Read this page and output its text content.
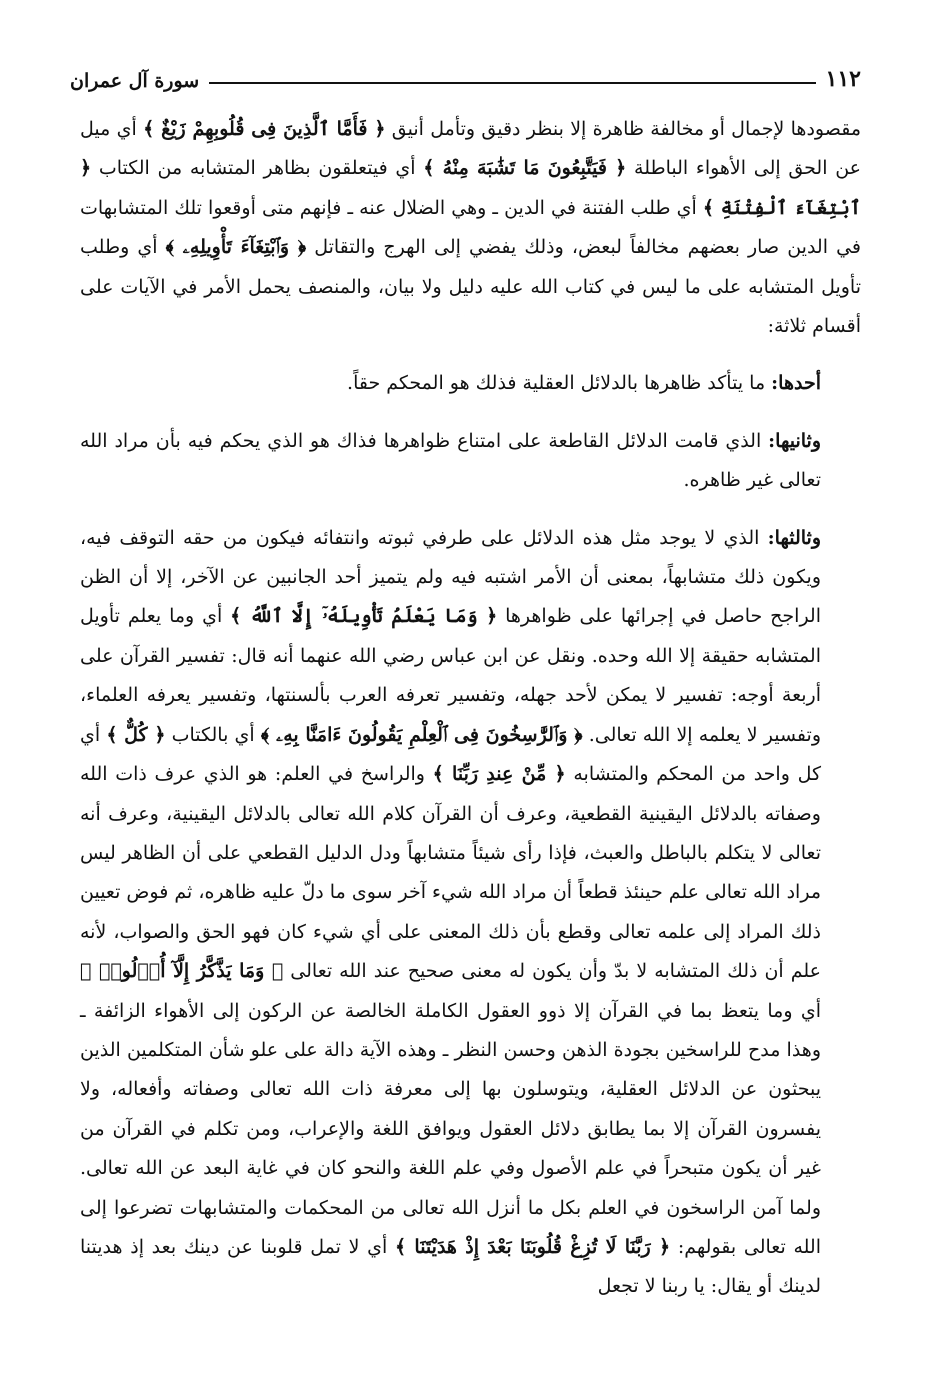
١١٢
سورة آل عمران

مقصودها لإجمال أو مخالفة ظاهرة إلا بنظر دقيق وتأمل أنيق ﴿ فَأَمَّا ٱلَّذِينَ فِى قُلُوبِهِمْ زَيْغٌ ﴾ أي ميل عن الحق إلى الأهواء الباطلة ﴿ فَيَتَّبِعُونَ مَا تَشَٰبَهَ مِنْهُ ﴾ أي فيتعلقون بظاهر المتشابه من الكتاب ﴿ ٱبْتِغَآءَ ٱلْفِتْنَةِ ﴾ أي طلب الفتنة في الدين ـ وهي الضلال عنه ـ فإنهم متى أوقعوا تلك المتشابهات في الدين صار بعضهم مخالفاً لبعض، وذلك يفضي إلى الهرج والتقاتل ﴿ وَٱبْتِغَآءَ تَأْوِيلِهِۦ ﴾ أي وطلب تأويل المتشابه على ما ليس في كتاب الله عليه دليل ولا بيان، والمنصف يحمل الأمر في الآيات على أقسام ثلاثة:

أحدها: ما يتأكد ظاهرها بالدلائل العقلية فذلك هو المحكم حقاً.

وثانيها: الذي قامت الدلائل القاطعة على امتناع ظواهرها فذاك هو الذي يحكم فيه بأن مراد الله تعالى غير ظاهره.

وثالثها: الذي لا يوجد مثل هذه الدلائل على طرفي ثبوته وانتفائه فيكون من حقه التوقف فيه، ويكون ذلك متشابهاً، بمعنى أن الأمر اشتبه فيه ولم يتميز أحد الجانبين عن الآخر، إلا أن الظن الراجح حاصل في إجرائها على ظواهرها ﴿ وَمَا يَعْلَمُ تَأْوِيلَهُۥٓ إِلَّا ٱللَّهُ ﴾ أي وما يعلم تأويل المتشابه حقيقة إلا الله وحده. ونقل عن ابن عباس رضي الله عنهما أنه قال: تفسير القرآن على أربعة أوجه: تفسير لا يمكن لأحد جهله، وتفسير تعرفه العرب بألسنتها، وتفسير يعرفه العلماء، وتفسير لا يعلمه إلا الله تعالى. ﴿ وَٱلرَّٰسِخُونَ فِى ٱلْعِلْمِ يَقُولُونَ ءَامَنَّا بِهِۦ ﴾ أي بالكتاب ﴿ كُلٌّ ﴾ أي كل واحد من المحكم والمتشابه ﴿ مِّنْ عِندِ رَبِّنَا ﴾ والراسخ في العلم: هو الذي عرف ذات الله وصفاته بالدلائل اليقينية القطعية، وعرف أن القرآن كلام الله تعالى بالدلائل اليقينية، وعرف أنه تعالى لا يتكلم بالباطل والعبث، فإذا رأى شيئاً متشابهاً ودل الدليل القطعي على أن الظاهر ليس مراد الله تعالى علم حينئذ قطعاً أن مراد الله شيء آخر سوى ما دلّ عليه ظاهره، ثم فوض تعيين ذلك المراد إلى علمه تعالى وقطع بأن ذلك المعنى على أي شيء كان فهو الحق والصواب، لأنه علم أن ذلك المتشابه لا بدّ وأن يكون له معنى صحيح عند الله تعالى ﴿ وَمَا يَذَّكَّرُ إِلَّآ أُو۟لُوا۟ ﴾ أي وما يتعظ بما في القرآن إلا ذوو العقول الكاملة الخالصة عن الركون إلى الأهواء الزائفة ـ وهذا مدح للراسخين بجودة الذهن وحسن النظر ـ وهذه الآية دالة على علو شأن المتكلمين الذين يبحثون عن الدلائل العقلية، ويتوسلون بها إلى معرفة ذات الله تعالى وصفاته وأفعاله، ولا يفسرون القرآن إلا بما يطابق دلائل العقول ويوافق اللغة والإعراب، ومن تكلم في القرآن من غير أن يكون متبحراً في علم الأصول وفي علم اللغة والنحو كان في غاية البعد عن الله تعالى. ولما آمن الراسخون في العلم بكل ما أنزل الله تعالى من المحكمات والمتشابهات تضرعوا إلى الله تعالى بقولهم: ﴿ رَبَّنَا لَا تُزِغْ قُلُوبَنَا بَعْدَ إِذْ هَدَيْتَنَا ﴾ أي لا تمل قلوبنا عن دينك بعد إذ هديتنا لدينك أو يقال: يا ربنا لا تجعل
